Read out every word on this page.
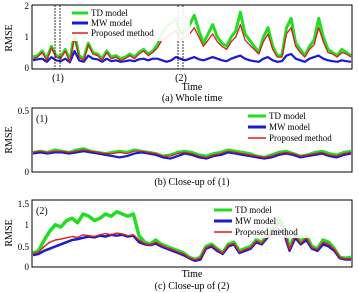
2
1
0
RMSE
TD model
MW model
Proposed method
(1)	(2)
Time
(a) Whole time
(1)
0.5
0
RMSE
TD model
MW model
Proposed method
(b) Close-up of (1)
(2)
1.5
1
0.5
0
RMSE
TD model
MW model
Proposed method
Time
(c) Close-up of (2)
